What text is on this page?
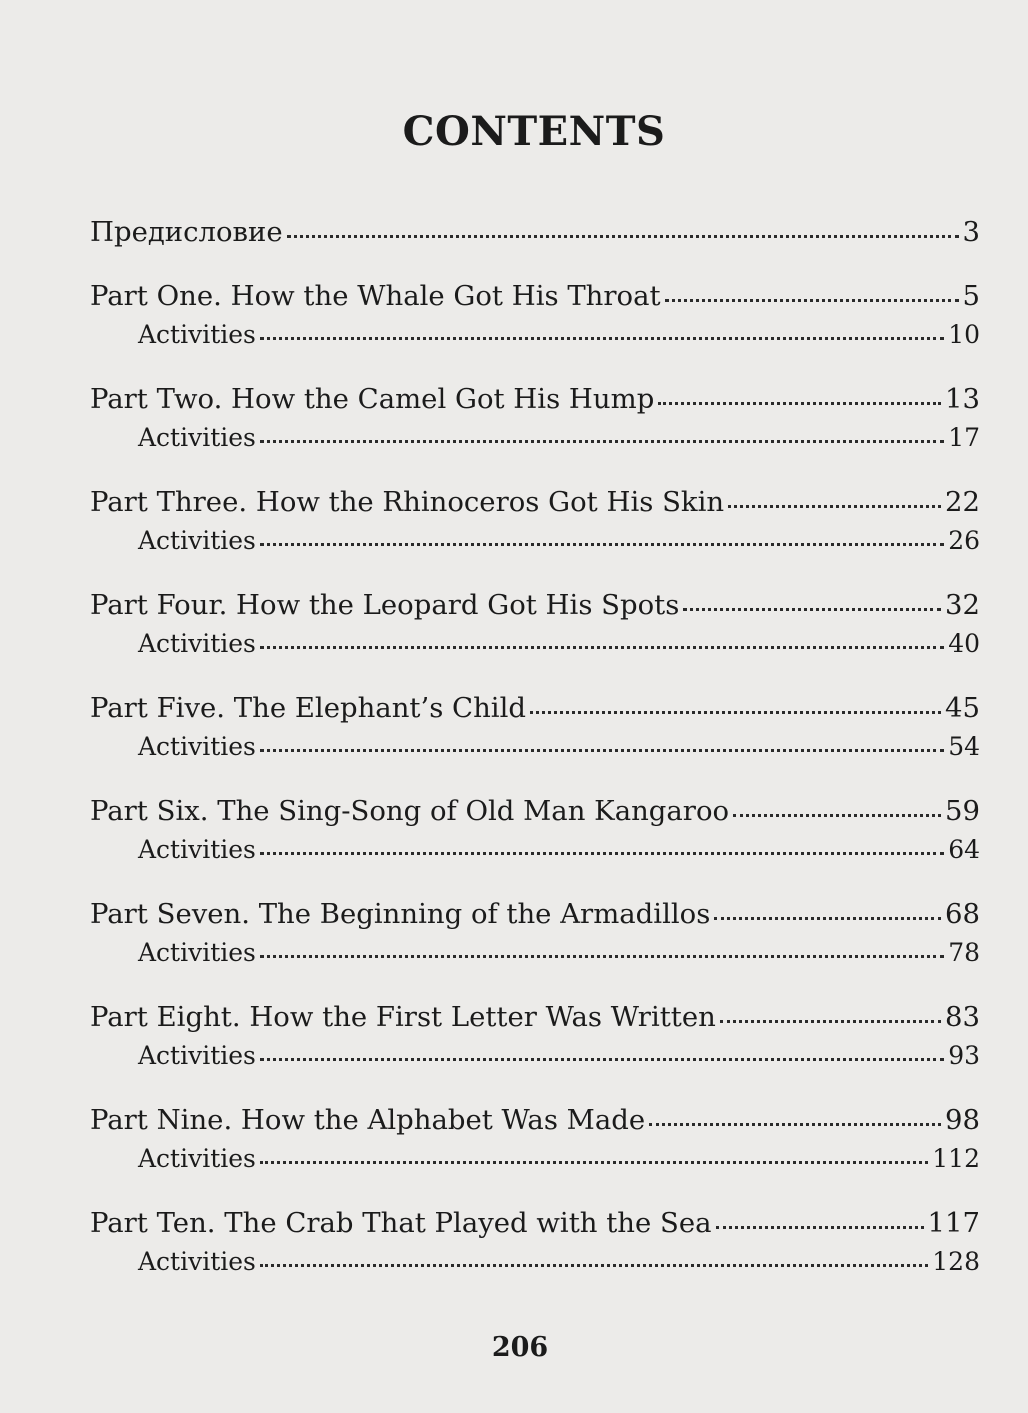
CONTENTS
Предисловие	3
Part One. How the Whale Got His Throat	5
Activities	10
Part Two. How the Camel Got His Hump	13
Activities	17
Part Three. How the Rhinoceros Got His Skin	22
Activities	26
Part Four. How the Leopard Got His Spots	32
Activities	40
Part Five. The Elephant’s Child	45
Activities	54
Part Six. The Sing-Song of Old Man Kangaroo	59
Activities	64
Part Seven. The Beginning of the Armadillos	68
Activities	78
Part Eight. How the First Letter Was Written	83
Activities	93
Part Nine. How the Alphabet Was Made	98
Activities	112
Part Ten. The Crab That Played with the Sea	117
Activities	128
206
